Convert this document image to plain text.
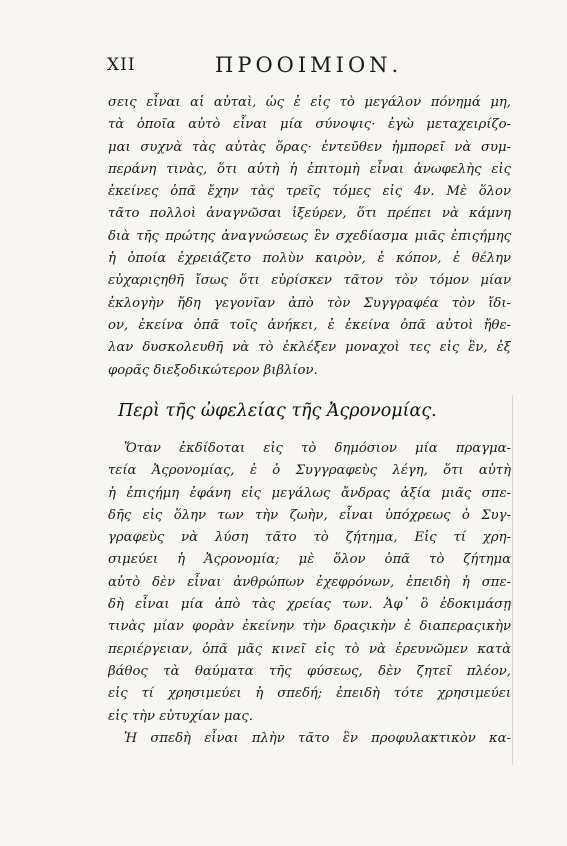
XII	ΠΡΟΟΙΜΙΟΝ.
σεις εἶναι αἱ αὐταὶ, ὡς ἐ εἰς τὸ μεγάλον πόνημά μη,
τὰ ὁποῖα αὐτὸ εἶναι μία σύνοψις· ἐγὼ μεταχειρίζο-
μαι συχνὰ τὰς αὐτὰς ὅρας· ἐντεῦθεν ἠμπορεῖ νὰ συμ-
περάνη τινὰς, ὅτι αὐτὴ ἡ ἐπιτομὴ εἶναι ἀνωφελὴς εἰς
ἐκείνες ὁπᾶ ἔχην τὰς τρεῖς τόμες εἰς 4ν. Μὲ ὅλον
τᾶτο πολλοὶ ἀναγνῶσαι ἰξεύρεν, ὅτι πρέπει νὰ κάμνη
διὰ τῆς πρώτης ἀναγνώσεως ἓν σχεδίασμα μιᾶς ἐπιςήμης
ἡ ὁποία ἐχρειάζετο πολὺν καιρὸν, ἐ κόπον, ἐ θέλην
εὐχαριςηθῆ ἴσως ὅτι εὑρίσκεν τᾶτον τὸν τόμον μίαν
ἐκλογὴν ἤδη γεγονῖαν ἀπὸ τὸν Συγγραφέα τὸν ἴδι-
ον, ἐκείνα ὁπᾶ τοῖς ἀνήκει, ἐ ἐκείνα ὁπᾶ αὐτοὶ ἤθε-
λαν δυσκολευθῆ νὰ τὸ ἐκλέξεν μοναχοὶ τες εἰς ἓν, ἐξ
φορᾶς διεξοδικώτερον βιβλίον.
Περὶ τῆς ὠφελείας τῆς Ἀςρονομίας.
Ὅταν ἐκδίδοται εἰς τὸ δημόσιον μία πραγμα-
τεία Ἀςρονομίας, ἐ ὁ Συγγραφεὺς λέγη, ὅτι αὐτὴ
ἡ ἐπιςήμη ἐφάνη εἰς μεγάλως ἄνδρας ἀξία μιᾶς σπε-
δῆς εἰς ὅλην των τὴν ζωὴν, εἶναι ὑπόχρεως ὁ Συγ-
γραφεὺς νὰ λύση τᾶτο τὸ ζήτημα, Εἰς τί χρη-
σιμεύει ἡ Ἀςρονομία; μὲ ὅλον ὁπᾶ τὸ ζήτημα
αὐτὸ δὲν εἶναι ἀνθρώπων ἐχεφρόνων, ἐπειδὴ ἡ σπε-
δὴ εἶναι μία ἀπὸ τὰς χρείας των. Ἀφ᾽ ὃ ἐδοκιμάσῃ
τινὰς μίαν φορὰν ἐκείνην τὴν δραςικὴν ἐ διαπεραςικὴν
περιέργειαν, ὁπᾶ μᾶς κινεῖ εἰς τὸ νὰ ἐρευνῶμεν κατὰ
βάθος τὰ θαύματα τῆς φύσεως, δὲν ζητεῖ πλέον,
εἰς τί χρησιμεύει ἡ σπεδή; ἐπειδὴ τότε χρησιμεύει
εἰς τὴν εὐτυχίαν μας.
Ἡ σπεδὴ εἶναι πλὴν τᾶτο ἓν προφυλακτικὸν κα-
